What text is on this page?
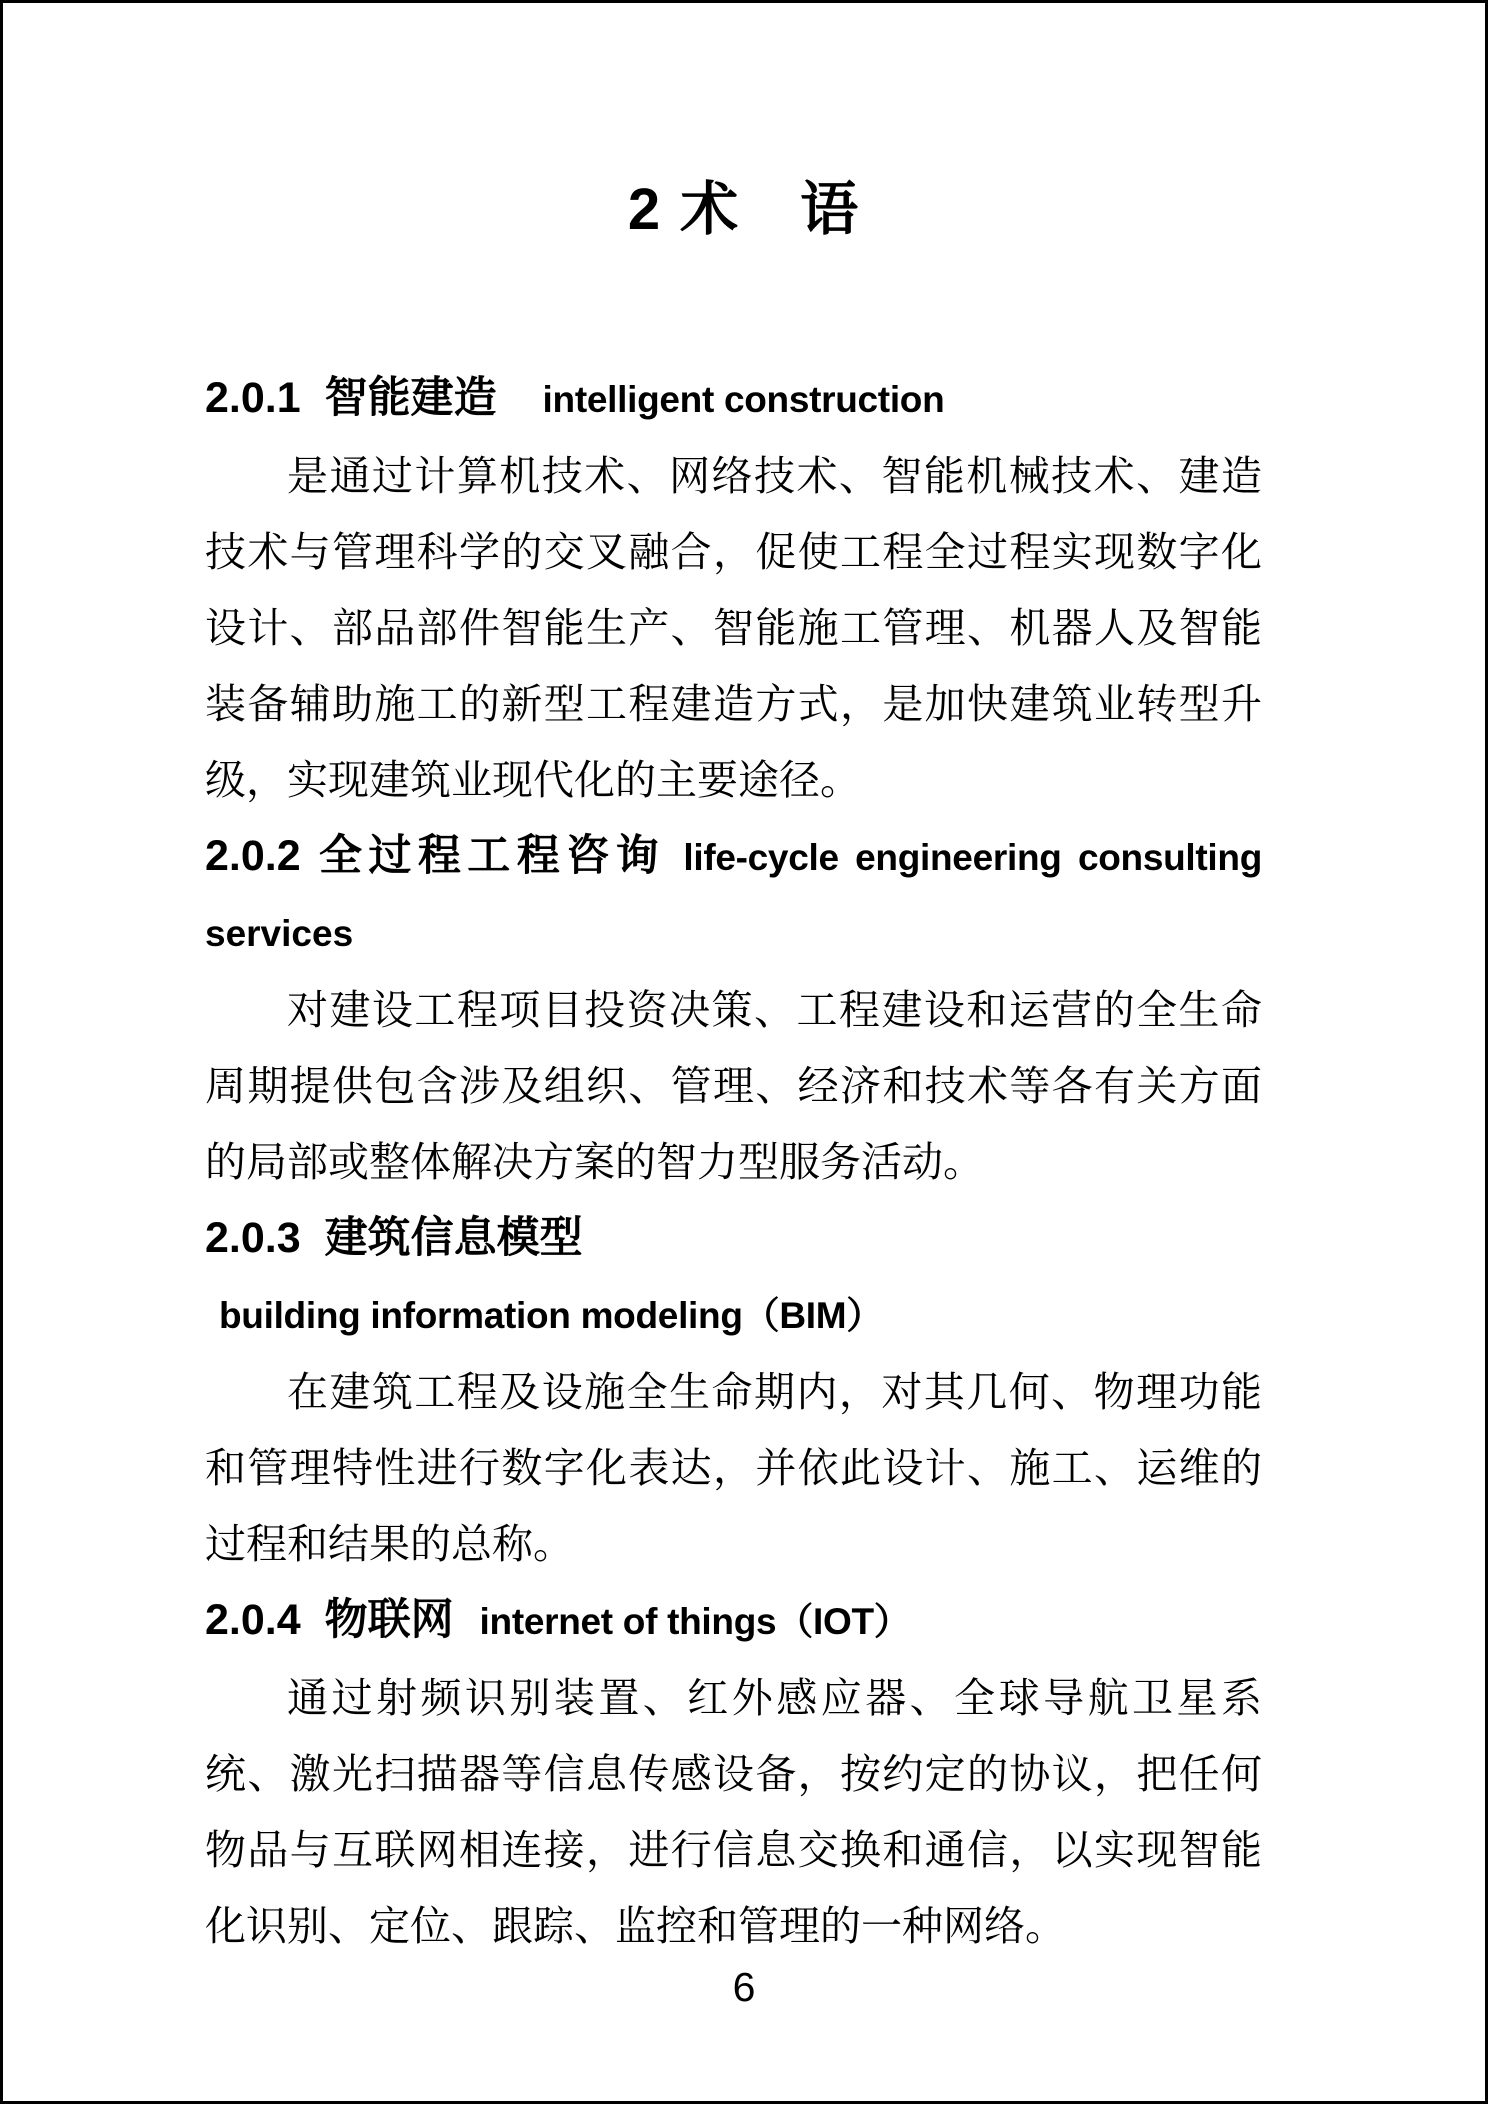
2 术　语
2.0.1 智能建造 intelligent construction

是通过计算机技术、网络技术、智能机械技术、建造技术与管理科学的交叉融合，促使工程全过程实现数字化设计、部品部件智能生产、智能施工管理、机器人及智能装备辅助施工的新型工程建造方式，是加快建筑业转型升级，实现建筑业现代化的主要途径。

2.0.2 全过程工程咨询 life-cycle engineering consulting
services

对建设工程项目投资决策、工程建设和运营的全生命周期提供包含涉及组织、管理、经济和技术等各有关方面的局部或整体解决方案的智力型服务活动。

2.0.3 建筑信息模型 building information modeling（BIM）

在建筑工程及设施全生命期内，对其几何、物理功能和管理特性进行数字化表达，并依此设计、施工、运维的过程和结果的总称。

2.0.4 物联网 internet of things（IOT）

通过射频识别装置、红外感应器、全球导航卫星系统、激光扫描器等信息传感设备，按约定的协议，把任何物品与互联网相连接，进行信息交换和通信，以实现智能化识别、定位、跟踪、监控和管理的一种网络。

6
